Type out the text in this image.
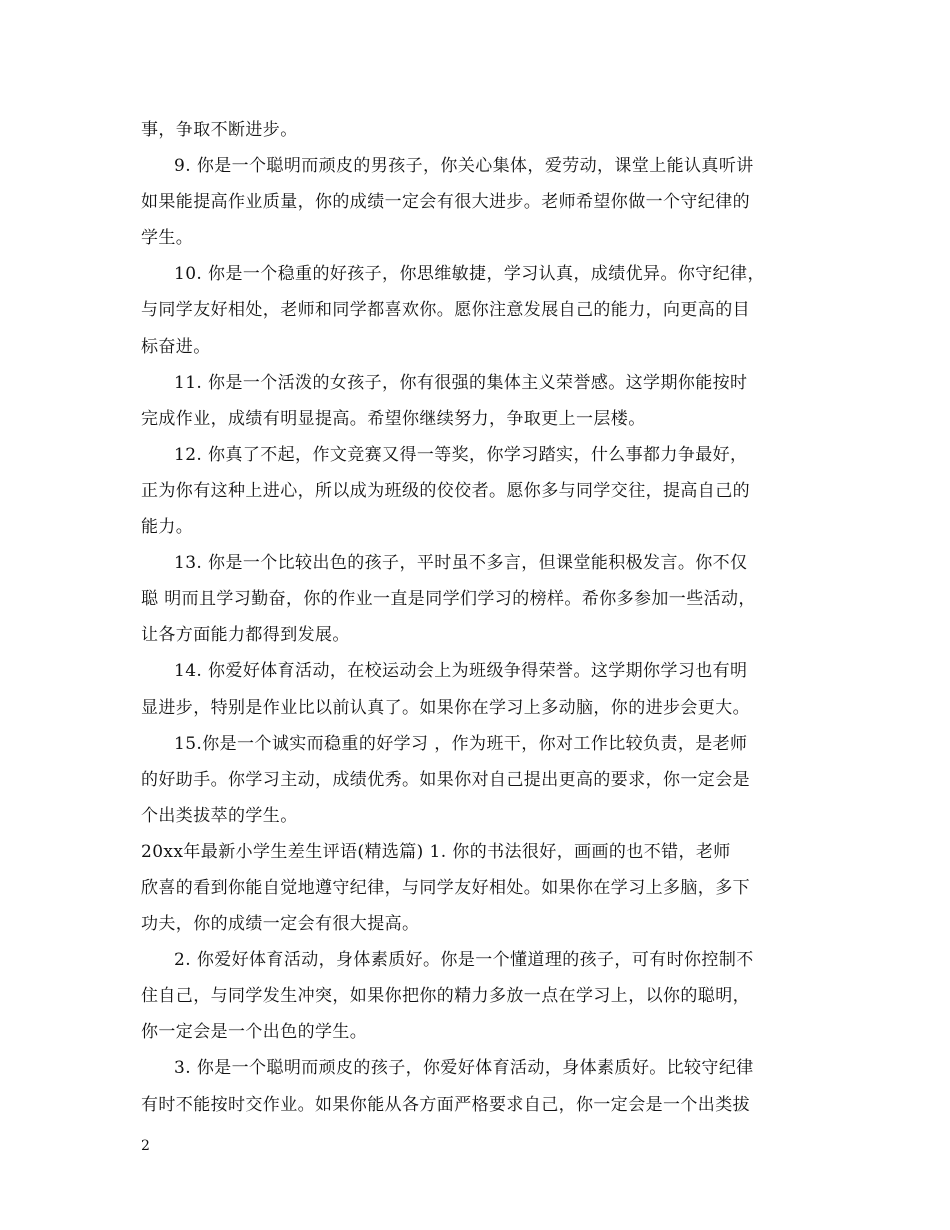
事，争取不断进步。
9. 你是一个聪明而顽皮的男孩子，你关心集体，爱劳动，课堂上能认真听讲
如果能提高作业质量，你的成绩一定会有很大进步。老师希望你做一个守纪律的
学生。
10. 你是一个稳重的好孩子，你思维敏捷，学习认真，成绩优异。你守纪律，
与同学友好相处，老师和同学都喜欢你。愿你注意发展自己的能力，向更高的目
标奋进。
11. 你是一个活泼的女孩子，你有很强的集体主义荣誉感。这学期你能按时
完成作业，成绩有明显提高。希望你继续努力，争取更上一层楼。
12. 你真了不起，作文竞赛又得一等奖，你学习踏实，什么事都力争最好，
正为你有这种上进心，所以成为班级的佼佼者。愿你多与同学交往，提高自己的
能力。
13. 你是一个比较出色的孩子，平时虽不多言，但课堂能积极发言。你不仅
聪 明而且学习勤奋，你的作业一直是同学们学习的榜样。希你多参加一些活动，
让各方面能力都得到发展。
14. 你爱好体育活动，在校运动会上为班级争得荣誉。这学期你学习也有明
显进步，特别是作业比以前认真了。如果你在学习上多动脑，你的进步会更大。
15.你是一个诚实而稳重的好学习 ，作为班干，你对工作比较负责，是老师
的好助手。你学习主动，成绩优秀。如果你对自己提出更高的要求，你一定会是
个出类拔萃的学生。
20xx年最新小学生差生评语(精选篇) 1. 你的书法很好，画画的也不错，老师
欣喜的看到你能自觉地遵守纪律，与同学友好相处。如果你在学习上多脑，多下
功夫，你的成绩一定会有很大提高。
2. 你爱好体育活动，身体素质好。你是一个懂道理的孩子，可有时你控制不
住自己，与同学发生冲突，如果你把你的精力多放一点在学习上，以你的聪明，
你一定会是一个出色的学生。
3. 你是一个聪明而顽皮的孩子，你爱好体育活动，身体素质好。比较守纪律
有时不能按时交作业。如果你能从各方面严格要求自己，你一定会是一个出类拔
2
